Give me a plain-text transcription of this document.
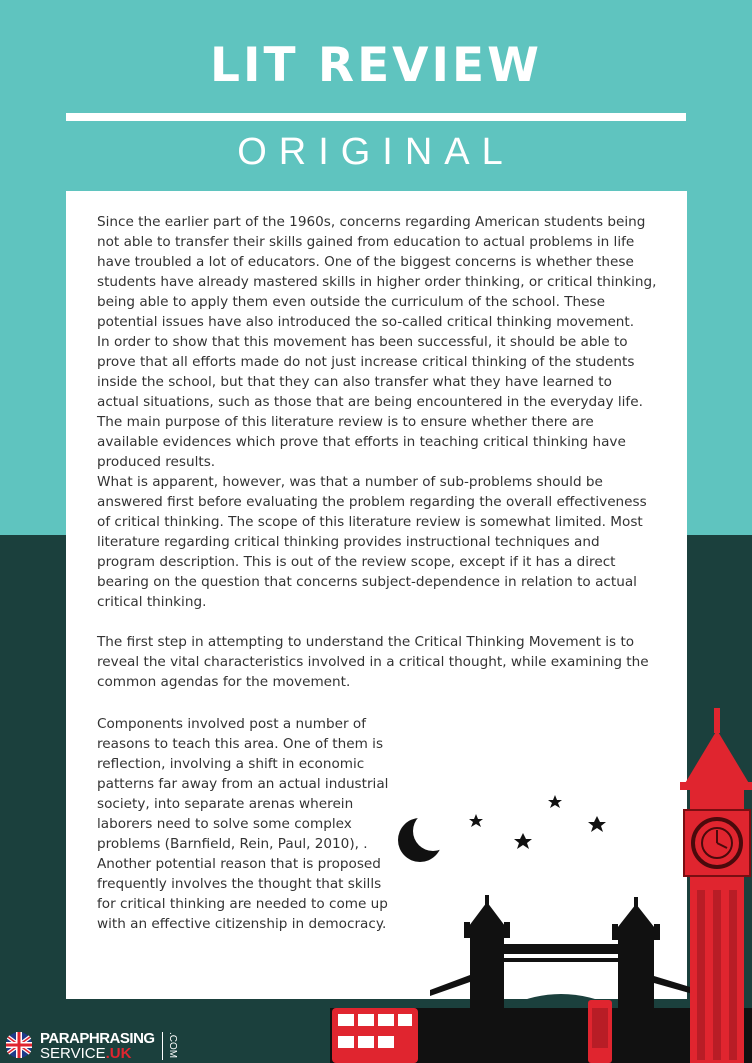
LIT REVIEW
ORIGINAL

Since the earlier part of the 1960s, concerns regarding American students being not able to transfer their skills gained from education to actual problems in life have troubled a lot of educators. One of the biggest concerns is whether these students have already mastered skills in higher order thinking, or critical thinking, being able to apply them even outside the curriculum of the school. These potential issues have also introduced the so-called critical thinking movement.

In order to show that this movement has been successful, it should be able to prove that all efforts made do not just increase critical thinking of the students inside the school, but that they can also transfer what they have learned to actual situations, such as those that are being encountered in the everyday life. The main purpose of this literature review is to ensure whether there are available evidences which prove that efforts in teaching critical thinking have produced results.

What is apparent, however, was that a number of sub-problems should be answered first before evaluating the problem regarding the overall effectiveness of critical thinking. The scope of this literature review is somewhat limited. Most literature regarding critical thinking provides instructional techniques and program description. This is out of the review scope, except if it has a direct bearing on the question that concerns subject-dependence in relation to actual critical thinking.

The first step in attempting to understand the Critical Thinking Movement is to reveal the vital characteristics involved in a critical thought, while examining the common agendas for the movement.

Components involved post a number of reasons to teach this area. One of them is reflection, involving a shift in economic patterns far away from an actual industrial society, into separate arenas wherein laborers need to solve some complex problems (Barnfield, Rein, Paul, 2010), . Another potential reason that is proposed frequently involves the thought that skills for critical thinking are needed to come up with an effective citizenship in democracy.

PARAPHRASING
SERVICE.UK	.COM
